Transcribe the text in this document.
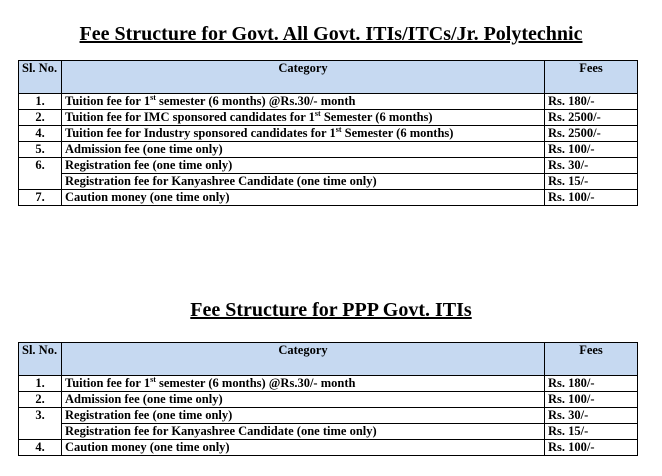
Fee Structure for Govt. All Govt. ITIs/ITCs/Jr. Polytechnic
Sl. No.	Category	Fees
1.	Tuition fee for 1st semester (6 months) @Rs.30/- month	Rs. 180/-
2.	Tuition fee for IMC sponsored candidates for 1st Semester (6 months)	Rs. 2500/-
4.	Tuition fee for Industry sponsored candidates for 1st Semester (6 months)	Rs. 2500/-
5.	Admission fee (one time only)	Rs. 100/-
6.	Registration fee (one time only)	Rs. 30/-
	Registration fee for Kanyashree Candidate (one time only)	Rs. 15/-
7.	Caution money (one time only)	Rs. 100/-
Fee Structure for PPP Govt. ITIs
Sl. No.	Category	Fees
1.	Tuition fee for 1st semester (6 months) @Rs.30/- month	Rs. 180/-
2.	Admission fee (one time only)	Rs. 100/-
3.	Registration fee (one time only)	Rs. 30/-
	Registration fee for Kanyashree Candidate (one time only)	Rs. 15/-
4.	Caution money (one time only)	Rs. 100/-
